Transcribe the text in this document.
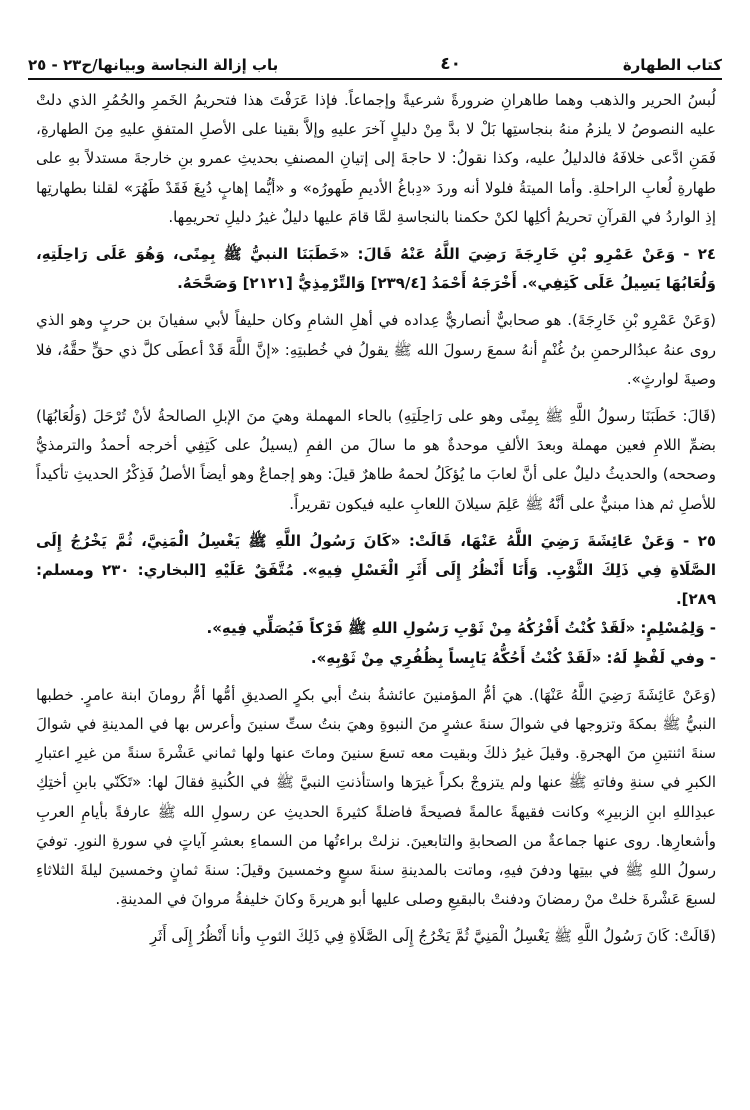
كتاب الطهارة
٤٠
باب إزالة النجاسة وبيانها/ح٢٣ - ٢٥

لُبسُ الحرير والذهب وهما طاهرانِ ضرورةً شرعيةً وإجماعاً. فإذا عَرَفْتَ هذا فتحريمُ الخَمرِ والحُمُرِ الذي دلتْ عليه النصوصُ لا يلزمُ منهُ بنجاستِها بَلْ لا بدَّ مِنْ دليلٍ آخرَ عليهِ وإلاَّ بقينا على الأصلِ المتفقِ عليهِ مِنَ الطهارةِ، فَمَنِ ادَّعى خلافَهُ فالدليلُ عليه، وكذا نقولُ: لا حاجةَ إلى إتيانِ المصنفِ بحديثِ عمرو بنِ خارجةَ مستدلاً بهِ على طهارةِ لُعابِ الراحلةِ. وأما الميتةُ فلولا أنه وردَ «دِباغُ الأديمِ طَهورُه» و «أيُّما إهابٍ دُبِغَ فَقَدْ طَهُرَ» لقلنا بطهارتِها إذِ الواردُ في القرآنِ تحريمُ أكلِها لكنْ حكمنا بالنجاسةِ لمَّا قامَ عليها دليلٌ غيرُ دليلِ تحريمِها.

٢٤ - وَعَنْ عَمْرِو بْنِ خَارِجَةَ رَضِيَ اللَّهُ عَنْهُ قَالَ: «خَطَبَنَا النبيُّ ﷺ بِمِنًى، وَهُوَ عَلَى رَاحِلَتِهِ، وَلُعَابُهَا يَسِيلُ عَلَى كَتِفِي». أَخْرَجَهُ أَحْمَدُ [٢٣٩/٤] وَالتِّرْمِذِيُّ [٢١٢١] وَصَحَّحَهُ.

(وَعَنْ عَمْرِو بْنِ خَارِجَةَ). هو صحابيٌّ أنصاريٌّ عِداده في أهلِ الشامِ وكان حليفاً لأبي سفيانَ بن حربٍ وهو الذي روى عنهُ عبدُالرحمنِ بنُ غُنْمٍ أنهُ سمعَ رسولَ الله ﷺ يقولُ في خُطبتِهِ: «إنَّ اللَّهَ قَدْ أعطَى كلَّ ذي حقٍّ حقَّهُ، فلا وصيةَ لوارثٍ».

(قَالَ: خَطَبَنَا رسولُ اللَّهِ ﷺ بِمِنًى وهو على رَاحِلَتِهِ) بالحاء المهملة وهيَ منَ الإبلِ الصالحةُ لأنْ تُرْحَلَ (وَلُعَابُهَا) بضمِّ اللامِ فعين مهملة وبعدَ الألفِ موحدةٌ هو ما سالَ من الفمِ (يسيلُ على كَتِفِي أخرجه أحمدُ والترمذيُّ وصححه) والحديثُ دليلٌ على أنَّ لعابَ ما يُؤكَلُ لحمهُ طاهرٌ قيلَ: وهو إجماعٌ وهو أيضاً الأصلُ فَذِكْرُ الحديثِ تأكيداً للأصلِ ثم هذا مبنيٌّ على أنَّهُ ﷺ عَلِمَ سيلانَ اللعابِ عليه فيكون تقريراً.

٢٥ - وَعَنْ عَائِشَةَ رَضِيَ اللَّهُ عَنْهَا، قَالَتْ: «كَانَ رَسُولُ اللَّهِ ﷺ يَغْسِلُ الْمَنِيَّ، ثُمَّ يَخْرُجُ إِلَى الصَّلَاةِ فِي ذَلِكَ الثَّوْبِ. وَأَنَا أَنْظُرُ إِلَى أَثَرِ الْغَسْلِ فِيهِ». مُتَّفَقٌ عَلَيْهِ [البخاري: ٢٣٠ ومسلم: ٢٨٩].

- وَلِمُسْلِمٍ: «لَقَدْ كُنْتُ أَفْرُكُهُ مِنْ ثَوْبِ رَسُولِ اللهِ ﷺ فَرْكاً فَيُصَلِّي فِيهِ».

- وفي لَفْظٍ لَهُ: «لَقَدْ كُنْتُ أَحُكُّهُ يَابِساً بِظُفُرِي مِنْ ثَوْبِهِ».

(وَعَنْ عَائِشَةَ رَضِيَ اللَّهُ عَنْهَا). هيَ أمُّ المؤمنينَ عائشةُ بنتُ أبي بكرٍ الصديقِ أمُّها أمُّ رومانَ ابنة عامرٍ. خطبها النبيُّ ﷺ بمكةَ وتزوجها في شوالَ سنةَ عشرٍ منَ النبوةِ وهيَ بنتُ ستِّ سنينَ وأعرس بها في المدينةِ في شوالَ سنةَ اثنتينِ منَ الهجرةِ. وقيلَ غيرُ ذلكَ وبقيت معه تسعَ سنينَ وماتَ عنها ولها ثماني عَشْرةَ سنةً من غيرِ اعتبارِ الكبرِ في سنةِ وفاتهِ ﷺ عنها ولم يتزوجْ بكراً غيرَها واستأذنتِ النبيَّ ﷺ في الكُنيةِ فقالَ لها: «تَكَنّي بابنِ أختِكِ عبدِاللهِ ابنِ الزبيرِ» وكانت فقيهةً عالمةً فصيحةً فاضلةً كثيرةَ الحديثِ عن رسولِ الله ﷺ عارفةً بأيامِ العربِ وأشعارِها. روى عنها جماعةٌ من الصحابةِ والتابعينَ. نزلتْ براءتُها من السماءِ بعشرِ آياتٍ في سورةِ النورِ. توفيَ رسولُ اللهِ ﷺ في بيتِها ودفنَ فيهِ، وماتت بالمدينةِ سنةَ سبعٍ وخمسينَ وقيلَ: سنةَ ثمانٍ وخمسينَ ليلةَ الثلاثاءِ لسبعَ عَشْرةَ خلتْ منْ رمضانَ ودفنتْ بالبقيعِ وصلى عليها أبو هريرةَ وكانَ خليفةُ مروانَ في المدينةِ.

(قَالَتْ: كَانَ رَسُولُ اللَّهِ ﷺ يَغْسِلُ الْمَنِيَّ ثُمَّ يَخْرُجُ إِلَى الصَّلَاةِ فِي ذَلِكَ الثوبِ وأنا أَنْظُرُ إِلَى أَثَرِ
